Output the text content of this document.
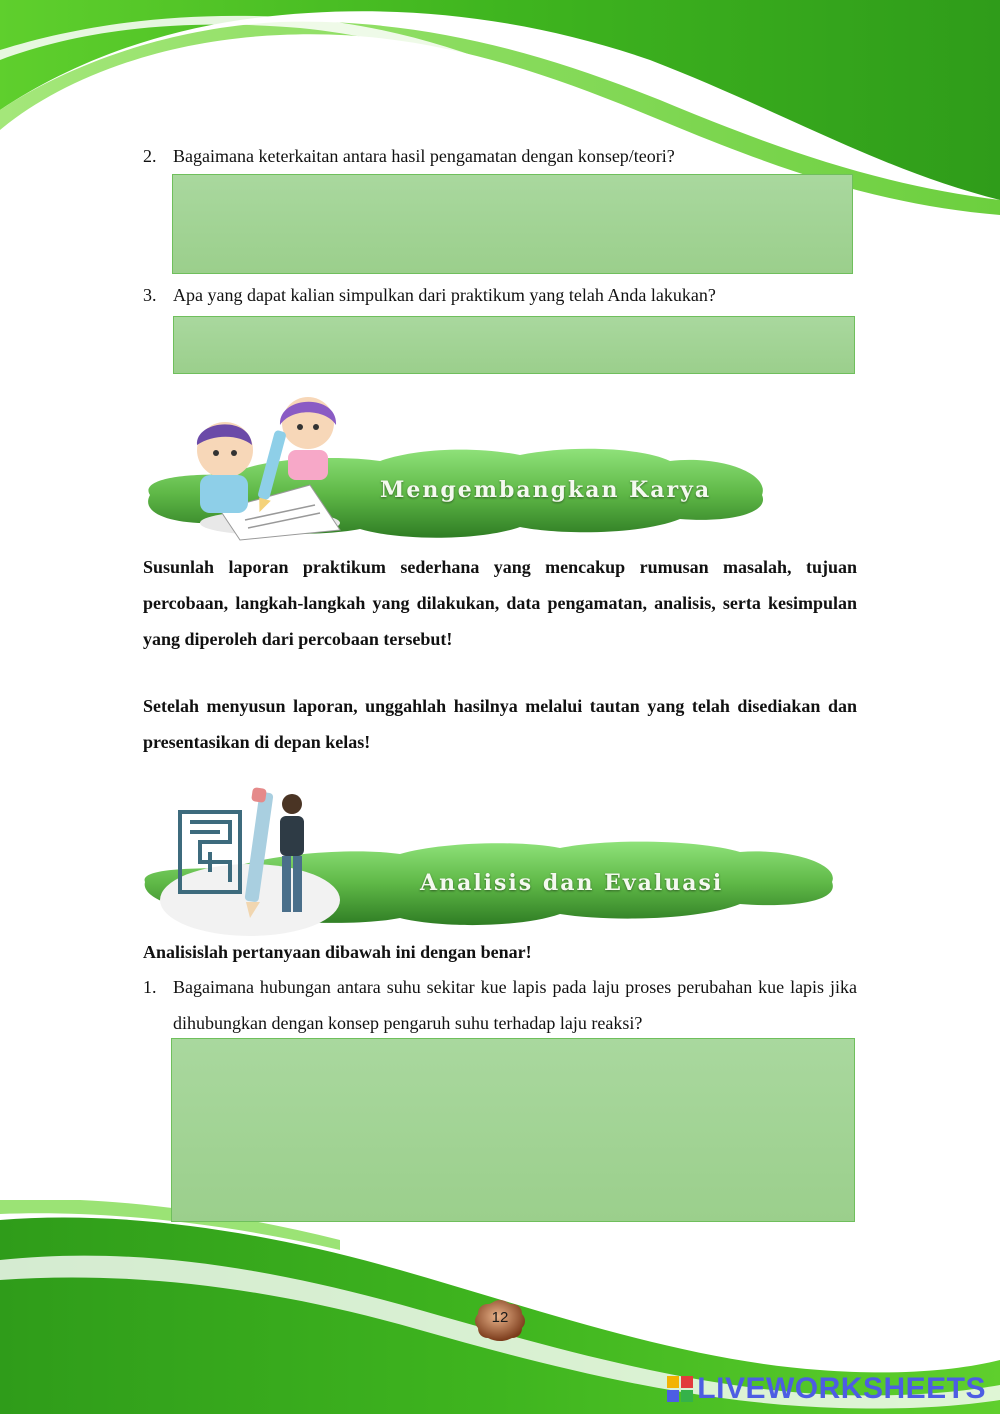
2. Bagaimana keterkaitan antara hasil pengamatan dengan konsep/teori?
3. Apa yang dapat kalian simpulkan dari praktikum yang telah Anda lakukan?
Mengembangkan Karya
Susunlah laporan praktikum sederhana yang mencakup rumusan masalah, tujuan percobaan, langkah-langkah yang dilakukan, data pengamatan, analisis, serta kesimpulan yang diperoleh dari percobaan tersebut!
Setelah menyusun laporan, unggahlah hasilnya melalui tautan yang telah disediakan dan presentasikan di depan kelas!
Analisis dan Evaluasi
Analisislah pertanyaan dibawah ini dengan benar!
1. Bagaimana hubungan antara suhu sekitar kue lapis pada laju proses perubahan kue lapis jika dihubungkan dengan konsep pengaruh suhu terhadap laju reaksi?
12
LIVEWORKSHEETS
